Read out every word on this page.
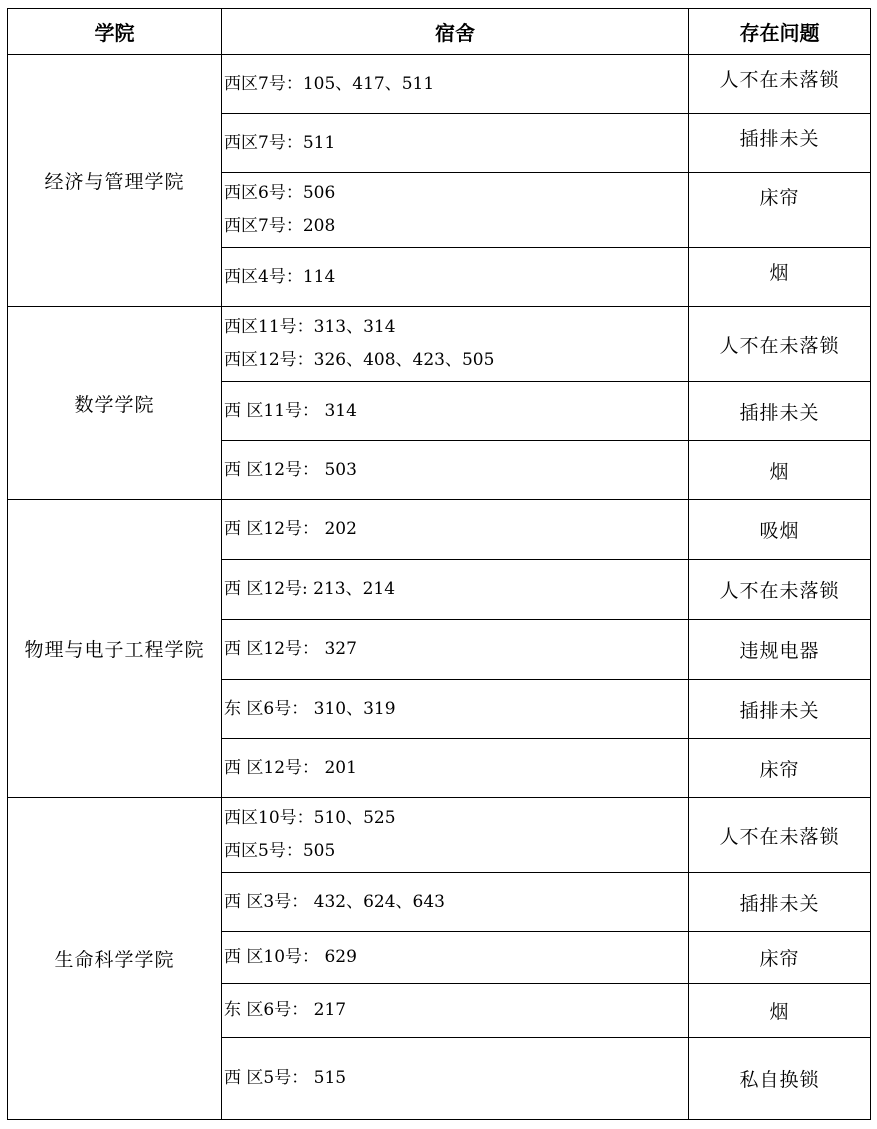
学院	宿舍	存在问题
经济与管理学院	西区7号：105、417、511	人不在未落锁

	西区7号：511	插排未关

	西区6号：506
西区7号：208	床帘

	西区4号：114	烟
数学学院	西区11号：313、314
西区12号：326、408、423、505	人不在未落锁

	西 区11号： 314	插排未关

	西 区12号： 503	烟
物理与电子工程学院	西 区12号： 202	吸烟

	西 区12号: 213、214	人不在未落锁

	西 区12号： 327	违规电器

	东 区6号： 310、319	插排未关

	西 区12号： 201	床帘
生命科学学院	西区10号：510、525
西区5号：505	人不在未落锁

	西 区3号： 432、624、643	插排未关

	西 区10号： 629	床帘

	东 区6号： 217	烟

	西 区5号： 515	私自换锁
